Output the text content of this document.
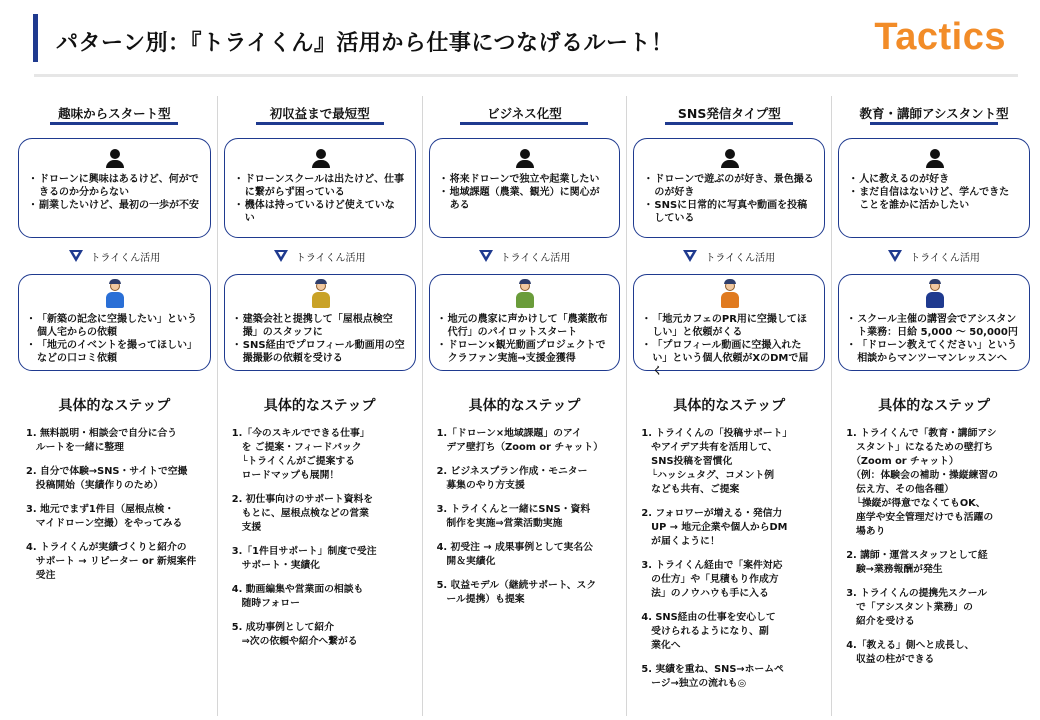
パターン別：『トライくん』活用から仕事につなげるルート！	Tactics
趣味からスタート型
・ ドローンに興味はあるけど、何ができるのか分からない
・ 副業したいけど、最初の一歩が不安
トライくん活用
・ 「新築の記念に空撮したい」という個人宅からの依頼
・ 「地元のイベントを撮ってほしい」などの口コミ依頼
具体的なステップ
1. 無料説明・相談会で自分に合う
　ルートを一緒に整理
2. 自分で体験→SNS・サイトで空撮
　投稿開始（実績作りのため）
3. 地元でまず1件目（屋根点検・
　マイドローン空撮）をやってみる
4. トライくんが実績づくりと紹介の
　サポート → リピーター or 新規案件
　受注
初収益まで最短型
・ ドローンスクールは出たけど、仕事に繋がらず困っている
・ 機体は持っているけど使えていない
トライくん活用
・ 建築会社と提携して「屋根点検空撮」のスタッフに
・ SNS経由でプロフィール動画用の空撮撮影の依頼を受ける
具体的なステップ
1.「今のスキルでできる仕事」
　を ご提案・フィードバック
　└トライくんがご提案する
　ロードマップも展開！
2. 初仕事向けのサポート資料を
　もとに、屋根点検などの営業
　支援
3.「1件目サポート」制度で受注
　サポート・実績化
4. 動画編集や営業面の相談も
　随時フォロー
5. 成功事例として紹介
　⇒次の依頼や紹介へ繋がる
ビジネス化型
・ 将来ドローンで独立や起業したい
・ 地域課題（農業、観光）に関心がある
トライくん活用
・ 地元の農家に声かけして「農薬散布代行」のパイロットスタート
・ ドローン×観光動画プロジェクトでクラファン実施→支援金獲得
具体的なステップ
1.「ドローン×地域課題」のアイ
　デア壁打ち（Zoom or チャット）
2. ビジネスプラン作成・モニター
　募集のやり方支援
3. トライくんと一緒にSNS・資料
　制作を実施⇒営業活動実施
4. 初受注 → 成果事例として実名公
　開＆実績化
5. 収益モデル（継続サポート、スク
　ール提携）も提案
SNS発信タイプ型
・ ドローンで遊ぶのが好き、景色撮るのが好き
・ SNSに日常的に写真や動画を投稿している
トライくん活用
・ 「地元カフェのPR用に空撮してほしい」と依頼がくる
・ 「プロフィール動画に空撮入れたい」という個人依頼がXのDMで届く
具体的なステップ
1. トライくんの「投稿サポート」
　やアイデア共有を活用して、
　SNS投稿を習慣化
　└ハッシュタグ、コメント例
　なども共有、ご提案
2. フォロワーが増える・発信力
　UP → 地元企業や個人からDM
　が届くように！
3. トライくん経由で「案件対応
　の仕方」や「見積もり作成方
　法」のノウハウも手に入る
4. SNS経由の仕事を安心して
　受けられるようになり、副
　業化へ
5. 実績を重ね、SNS→ホームペ
　ージ→独立の流れも◎
教育・講師アシスタント型
・ 人に教えるのが好き
・ まだ自信はないけど、学んできたことを誰かに活かしたい
トライくん活用
・ スクール主催の講習会でアシスタント業務：日給 5,000 ～ 50,000円
・ 「ドローン教えてください」という相談からマンツーマンレッスンへ
具体的なステップ
1. トライくんで「教育・講師アシ
　スタント」になるための壁打ち
　（Zoom or チャット）
　（例：体験会の補助・操縦練習の
　伝え方、その他各種）
　└操縦が得意でなくてもOK、
　座学や安全管理だけでも活躍の
　場あり
2. 講師・運営スタッフとして経
　験→業務報酬が発生
3. トライくんの提携先スクール
　で「アシスタント業務」の
　紹介を受ける
4.「教える」側へと成長し、
　収益の柱ができる
